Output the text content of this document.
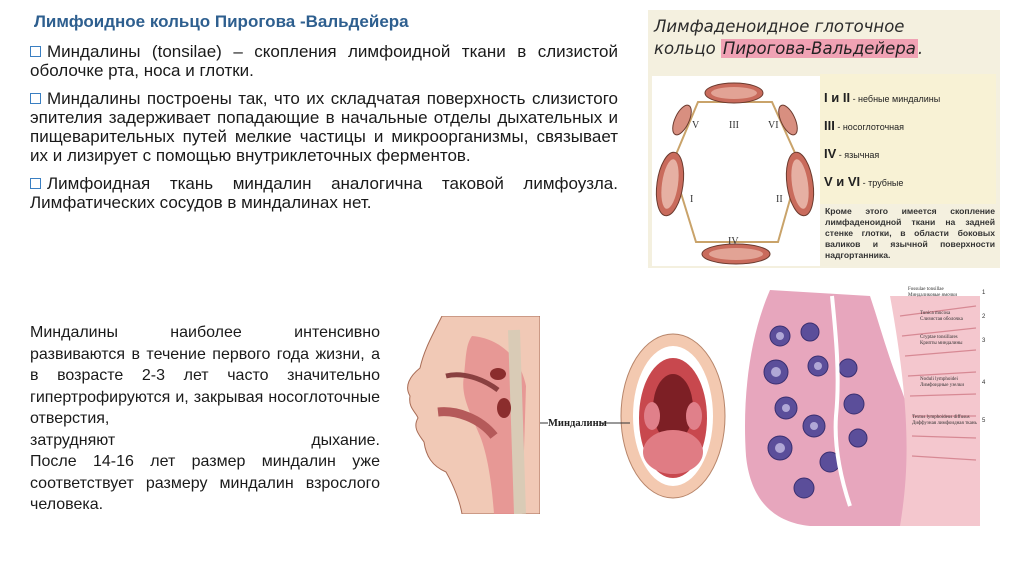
Лимфоидное кольцо Пирогова -Вальдейера
Миндалины (tonsilae) – скопления лимфоидной ткани в слизистой оболочке рта, носа и глотки.
Миндалины построены так, что их складчатая поверхность слизистого эпителия задерживает попадающие в начальные отделы дыхательных и пищеварительных путей мелкие частицы и микроорганизмы, связывает их и лизирует с помощью внутриклеточных ферментов.
Лимфоидная ткань миндалин аналогична таковой лимфоузла. Лимфатических сосудов в миндалинах нет.
Миндалины наиболее интенсивно развиваются в течение первого года жизни, а в возрасте 2-3 лет часто значительно гипертрофируются и, закрывая носоглоточные отверстия,
затрудняют дыхание.
После 14-16 лет размер миндалин уже соответствует размеру миндалин взрослого человека.
Лимфаденоидное глоточное
кольцо Пирогова-Вальдейера .
V	III	VI
I	II
IV
I и II - небные миндалины
III - носоглоточная
IV - язычная
V и VI - трубные
Кроме этого имеется скопление лимфаденоидной ткани на задней стенке глотки, в области боковых валиков и язычной поверхности надгортанника.
Миндалины
Fossulae tonsillae
Миндаликовые ямочки
Tunica mucosa
Слизистая оболочка
Cryptae tonsillares
Крипты миндалины
Noduli lymphoidei
Лимфоидные узелки
Textus lymphoideus diffusus
Диффузная лимфоидная ткань
1
2
3
4
5
